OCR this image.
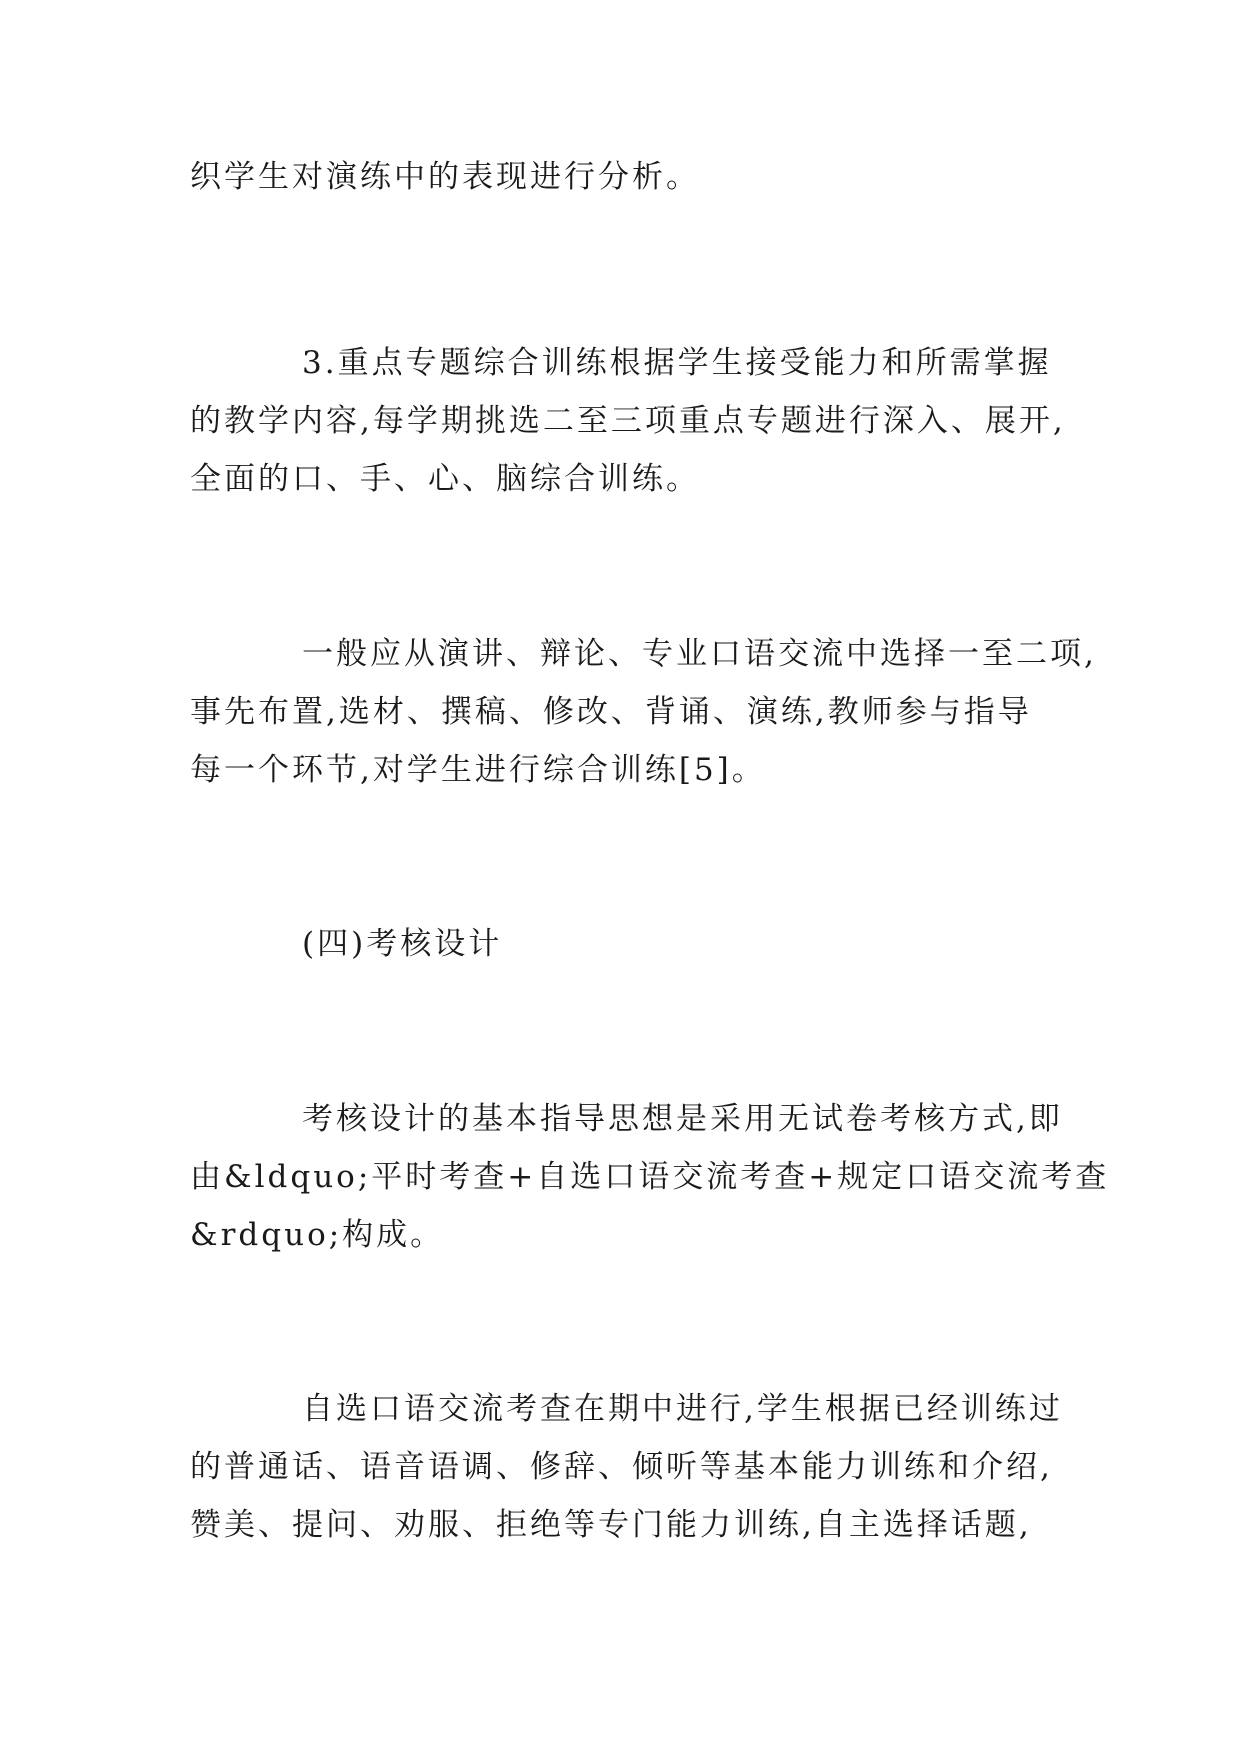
织学生对演练中的表现进行分析。

3.重点专题综合训练根据学生接受能力和所需掌握
的教学内容,每学期挑选二至三项重点专题进行深入、展开,
全面的口、手、心、脑综合训练。

一般应从演讲、辩论、专业口语交流中选择一至二项,
事先布置,选材、撰稿、修改、背诵、演练,教师参与指导
每一个环节,对学生进行综合训练[5]。

(四)考核设计

考核设计的基本指导思想是采用无试卷考核方式,即
由&ldquo;平时考查+自选口语交流考查+规定口语交流考查
&rdquo;构成。

自选口语交流考查在期中进行,学生根据已经训练过
的普通话、语音语调、修辞、倾听等基本能力训练和介绍,
赞美、提问、劝服、拒绝等专门能力训练,自主选择话题,
